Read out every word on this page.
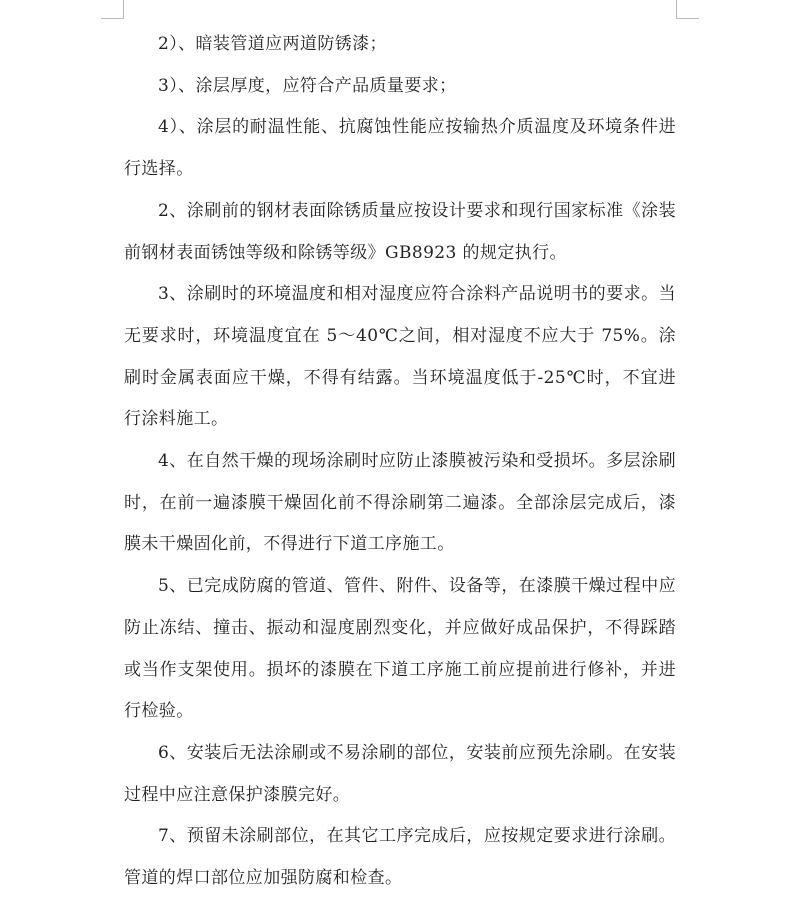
2）、暗装管道应两道防锈漆；

3）、涂层厚度，应符合产品质量要求；

4）、涂层的耐温性能、抗腐蚀性能应按输热介质温度及环境条件进行选择。

2、涂刷前的钢材表面除锈质量应按设计要求和现行国家标准《涂装前钢材表面锈蚀等级和除锈等级》GB8923 的规定执行。

3、涂刷时的环境温度和相对湿度应符合涂料产品说明书的要求。当无要求时，环境温度宜在 5～40℃之间，相对湿度不应大于 75%。涂刷时金属表面应干燥，不得有结露。当环境温度低于-25℃时，不宜进行涂料施工。

4、在自然干燥的现场涂刷时应防止漆膜被污染和受损坏。多层涂刷时，在前一遍漆膜干燥固化前不得涂刷第二遍漆。全部涂层完成后，漆膜未干燥固化前，不得进行下道工序施工。

5、已完成防腐的管道、管件、附件、设备等，在漆膜干燥过程中应防止冻结、撞击、振动和湿度剧烈变化，并应做好成品保护，不得踩踏或当作支架使用。损坏的漆膜在下道工序施工前应提前进行修补，并进行检验。

6、安装后无法涂刷或不易涂刷的部位，安装前应预先涂刷。在安装过程中应注意保护漆膜完好。

7、预留未涂刷部位，在其它工序完成后，应按规定要求进行涂刷。管道的焊口部位应加强防腐和检查。
